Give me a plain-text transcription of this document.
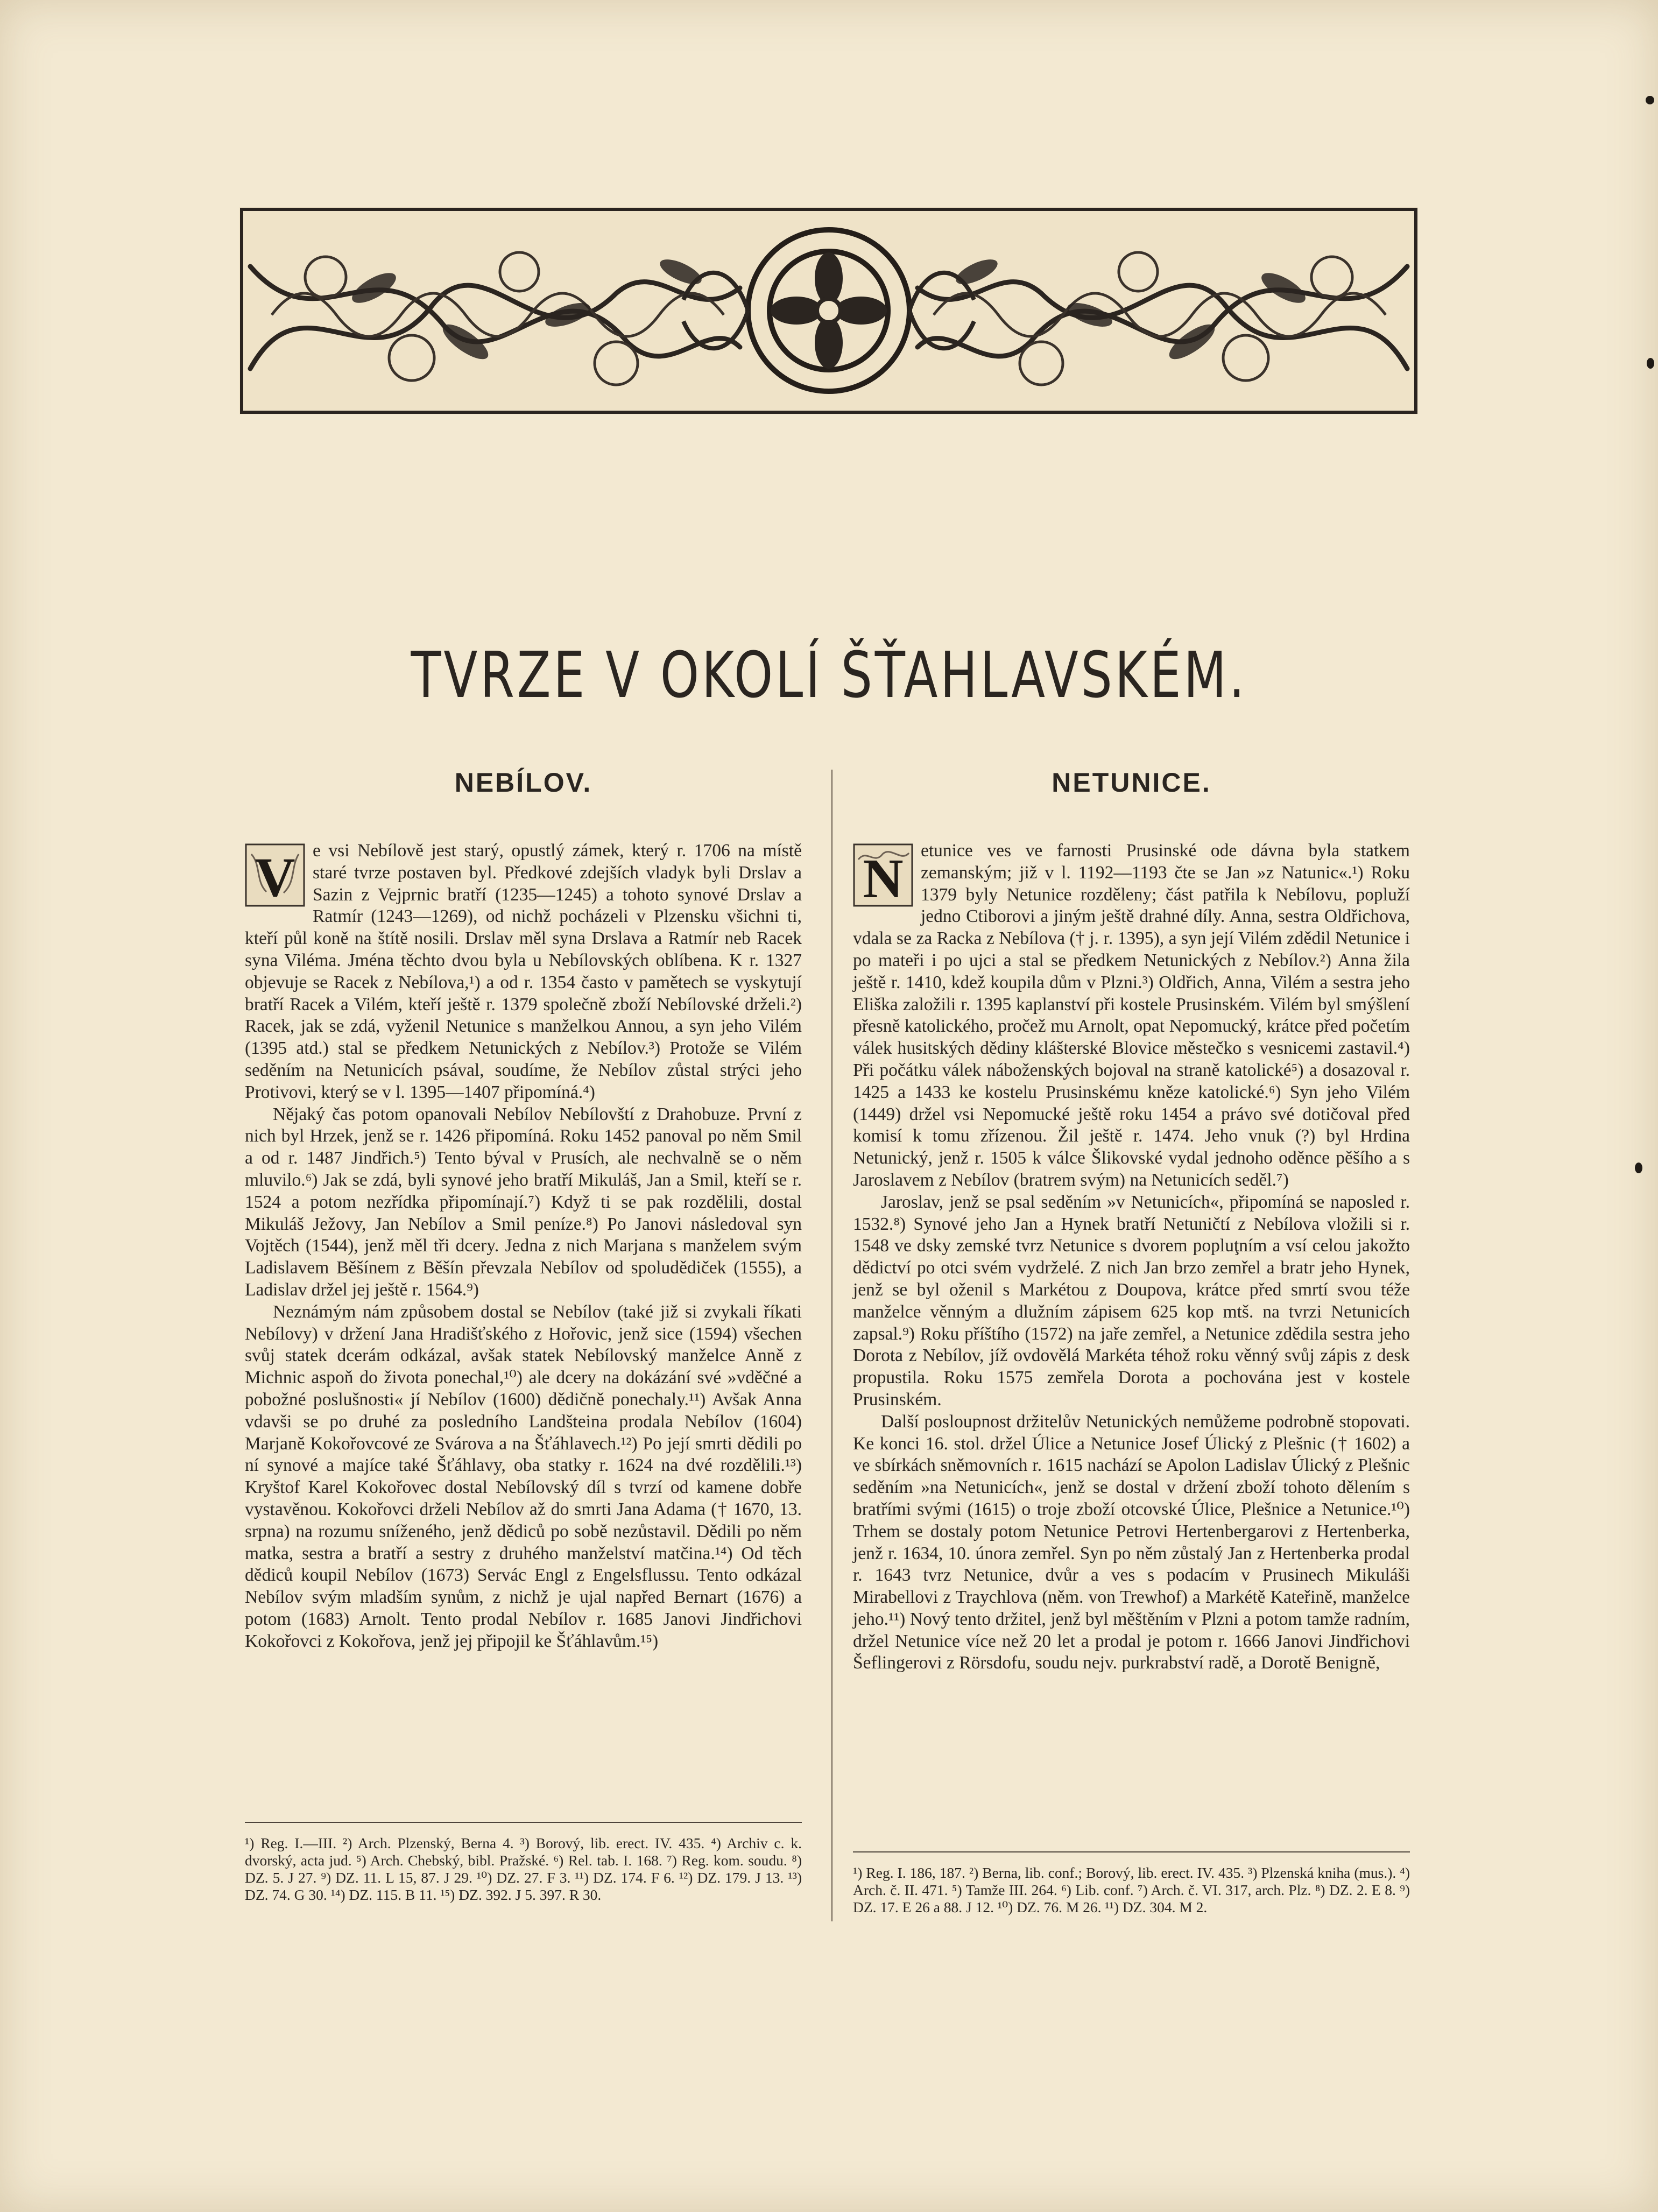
TVRZE V OKOLÍ ŠŤAHLAVSKÉM.
NEBÍLOV.
V e vsi Nebílově jest starý, opustlý zámek, který r. 1706 na místě staré tvrze postaven byl. Předkové zdejších vladyk byli Drslav a Sazin z Vejprnic bratří (1235—1245) a tohoto synové Drslav a Ratmír (1243—1269), od nichž pocházeli v Plzensku všichni ti, kteří půl koně na štítě nosili. Drslav měl syna Drslava a Ratmír neb Racek syna Viléma. Jména těchto dvou byla u Nebílovských oblíbena. K r. 1327 objevuje se Racek z Nebílova,¹) a od r. 1354 často v pamětech se vyskytují bratří Racek a Vilém, kteří ještě r. 1379 společně zboží Nebílovské drželi.²) Racek, jak se zdá, vyženil Netunice s manželkou Annou, a syn jeho Vilém (1395 atd.) stal se předkem Netunických z Nebílov.³) Protože se Vilém seděním na Netunicích psával, soudíme, že Nebílov zůstal strýci jeho Protivovi, který se v l. 1395—1407 připomíná.⁴)

Nějaký čas potom opanovali Nebílov Nebílovští z Drahobuze. První z nich byl Hrzek, jenž se r. 1426 připomíná. Roku 1452 panoval po něm Smil a od r. 1487 Jindřich.⁵) Tento býval v Prusích, ale nechvalně se o něm mluvilo.⁶) Jak se zdá, byli synové jeho bratří Mikuláš, Jan a Smil, kteří se r. 1524 a potom nezřídka připomínají.⁷) Když ti se pak rozdělili, dostal Mikuláš Ježovy, Jan Nebílov a Smil peníze.⁸) Po Janovi následoval syn Vojtěch (1544), jenž měl tři dcery. Jedna z nich Marjana s manželem svým Ladislavem Běšínem z Běšín převzala Nebílov od spoludědiček (1555), a Ladislav držel jej ještě r. 1564.⁹)

Neznámým nám způsobem dostal se Nebílov (také již si zvykali říkati Nebílovy) v držení Jana Hradišťského z Hořovic, jenž sice (1594) všechen svůj statek dcerám odkázal, avšak statek Nebílovský manželce Anně z Michnic aspoň do života ponechal,¹⁰) ale dcery na dokázání své »vděčné a pobožné poslušnosti« jí Nebílov (1600) dědičně ponechaly.¹¹) Avšak Anna vdavši se po druhé za posledního Landšteina prodala Nebílov (1604) Marjaně Kokořovcové ze Svárova a na Šťáhlavech.¹²) Po její smrti dědili po ní synové a majíce také Šťáhlavy, oba statky r. 1624 na dvé rozdělili.¹³) Kryštof Karel Kokořovec dostal Nebílovský díl s tvrzí od kamene dobře vystavěnou. Kokořovci drželi Nebílov až do smrti Jana Adama († 1670, 13. srpna) na rozumu sníženého, jenž dědiců po sobě nezůstavil. Dědili po něm matka, sestra a bratří a sestry z druhého manželství matčina.¹⁴) Od těch dědiců koupil Nebílov (1673) Servác Engl z Engelsflussu. Tento odkázal Nebílov svým mladším synům, z nichž je ujal napřed Bernart (1676) a potom (1683) Arnolt. Tento prodal Nebílov r. 1685 Janovi Jindřichovi Kokořovci z Kokořova, jenž jej připojil ke Šťáhlavům.¹⁵)

NETUNICE.
N etunice ves ve farnosti Prusinské ode dávna byla statkem zemanským; již v l. 1192—1193 čte se Jan »z Natunic«.¹) Roku 1379 byly Netunice rozděleny; část patřila k Nebílovu, popluží jedno Ctiborovi a jiným ještě drahné díly. Anna, sestra Oldřichova, vdala se za Racka z Nebílova († j. r. 1395), a syn její Vilém zdědil Netunice i po mateři i po ujci a stal se předkem Netunických z Nebílov.²) Anna žila ještě r. 1410, kdež koupila dům v Plzni.³) Oldřich, Anna, Vilém a sestra jeho Eliška založili r. 1395 kaplanství při kostele Prusinském. Vilém byl smýšlení přesně katolického, pročež mu Arnolt, opat Nepomucký, krátce před početím válek husitských dědiny klášterské Blovice městečko s vesnicemi zastavil.⁴) Při počátku válek náboženských bojoval na straně katolické⁵) a dosazoval r. 1425 a 1433 ke kostelu Prusinskému kněze katolické.⁶) Syn jeho Vilém (1449) držel vsi Nepomucké ještě roku 1454 a právo své dotičoval před komisí k tomu zřízenou. Žil ještě r. 1474. Jeho vnuk (?) byl Hrdina Netunický, jenž r. 1505 k válce Šlikovské vydal jednoho oděnce pěšího a s Jaroslavem z Nebílov (bratrem svým) na Netunicích seděl.⁷)

Jaroslav, jenž se psal seděním »v Netunicích«, připomíná se naposled r. 1532.⁸) Synové jeho Jan a Hynek bratří Netuničtí z Nebílova vložili si r. 1548 ve dsky zemské tvrz Netunice s dvorem popluţním a vsí celou jakožto dědictví po otci svém vydrželé. Z nich Jan brzo zemřel a bratr jeho Hynek, jenž se byl oženil s Markétou z Doupova, krátce před smrtí svou téže manželce věnným a dlužním zápisem 625 kop mtš. na tvrzi Netunicích zapsal.⁹) Roku příštího (1572) na jaře zemřel, a Netunice zdědila sestra jeho Dorota z Nebílov, jíž ovdovělá Markéta téhož roku věnný svůj zápis z desk propustila. Roku 1575 zemřela Dorota a pochována jest v kostele Prusinském.

Další posloupnost držitelův Netunických nemůžeme podrobně stopovati. Ke konci 16. stol. držel Úlice a Netunice Josef Úlický z Plešnic († 1602) a ve sbírkách sněmovních r. 1615 nachází se Apolon Ladislav Úlický z Plešnic seděním »na Netunicích«, jenž se dostal v držení zboží tohoto dělením s bratřími svými (1615) o troje zboží otcovské Úlice, Plešnice a Netunice.¹⁰) Trhem se dostaly potom Netunice Petrovi Hertenbergarovi z Hertenberka, jenž r. 1634, 10. února zemřel. Syn po něm zůstalý Jan z Hertenberka prodal r. 1643 tvrz Netunice, dvůr a ves s podacím v Prusinech Mikuláši Mirabellovi z Traychlova (něm. von Trewhof) a Markétě Kateřině, manželce jeho.¹¹) Nový tento držitel, jenž byl měštěním v Plzni a potom tamže radním, držel Netunice více než 20 let a prodal je potom r. 1666 Janovi Jindřichovi Šeflingerovi z Rörsdofu, soudu nejv. purkrabství radě, a Dorotě Benigně,

¹) Reg. I.—III. ²) Arch. Plzenský, Berna 4. ³) Borový, lib. erect. IV. 435. ⁴) Archiv c. k. dvorský, acta jud. ⁵) Arch. Chebský, bibl. Pražské. ⁶) Rel. tab. I. 168. ⁷) Reg. kom. soudu. ⁸) DZ. 5. J 27. ⁹) DZ. 11. L 15, 87. J 29. ¹⁰) DZ. 27. F 3. ¹¹) DZ. 174. F 6. ¹²) DZ. 179. J 13. ¹³) DZ. 74. G 30. ¹⁴) DZ. 115. B 11. ¹⁵) DZ. 392. J 5. 397. R 30.
¹) Reg. I. 186, 187. ²) Berna, lib. conf.; Borový, lib. erect. IV. 435. ³) Plzenská kniha (mus.). ⁴) Arch. č. II. 471. ⁵) Tamže III. 264. ⁶) Lib. conf. ⁷) Arch. č. VI. 317, arch. Plz. ⁸) DZ. 2. E 8. ⁹) DZ. 17. E 26 a 88. J 12. ¹⁰) DZ. 76. M 26. ¹¹) DZ. 304. M 2.
